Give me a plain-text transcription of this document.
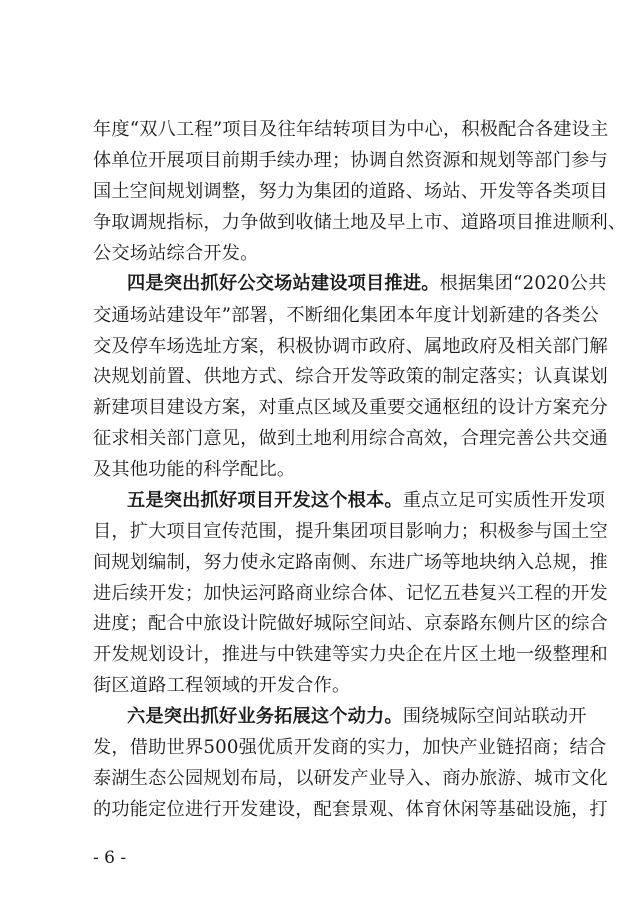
年度“双八工程”项目及往年结转项目为中心，积极配合各建设主
体单位开展项目前期手续办理；协调自然资源和规划等部门参与
国土空间规划调整，努力为集团的道路、场站、开发等各类项目
争取调规指标，力争做到收储土地及早上市、道路项目推进顺利、
公交场站综合开发。
四是突出抓好公交场站建设项目推进。根据集团“2020公共
交通场站建设年”部署，不断细化集团本年度计划新建的各类公
交及停车场选址方案，积极协调市政府、属地政府及相关部门解
决规划前置、供地方式、综合开发等政策的制定落实；认真谋划
新建项目建设方案，对重点区域及重要交通枢纽的设计方案充分
征求相关部门意见，做到土地利用综合高效，合理完善公共交通
及其他功能的科学配比。
五是突出抓好项目开发这个根本。重点立足可实质性开发项
目，扩大项目宣传范围，提升集团项目影响力；积极参与国土空
间规划编制，努力使永定路南侧、东进广场等地块纳入总规，推
进后续开发；加快运河路商业综合体、记忆五巷复兴工程的开发
进度；配合中旅设计院做好城际空间站、京泰路东侧片区的综合
开发规划设计，推进与中铁建等实力央企在片区土地一级整理和
街区道路工程领域的开发合作。
六是突出抓好业务拓展这个动力。围绕城际空间站联动开
发，借助世界500强优质开发商的实力，加快产业链招商；结合
泰湖生态公园规划布局，以研发产业导入、商办旅游、城市文化
的功能定位进行开发建设，配套景观、体育休闲等基础设施，打
- 6 -
